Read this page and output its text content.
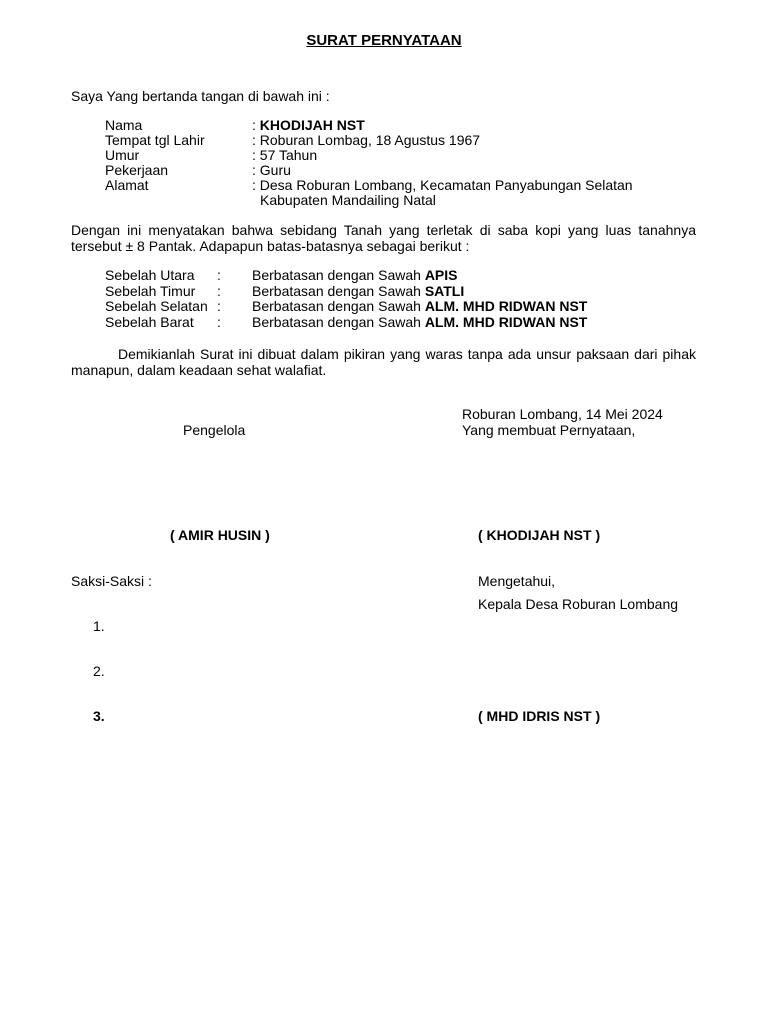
SURAT PERNYATAAN
Saya Yang bertanda tangan di bawah ini :
Nama	: KHODIJAH NST
Tempat tgl Lahir	: Roburan Lombag, 18 Agustus 1967
Umur	: 57 Tahun
Pekerjaan	: Guru
Alamat	: Desa Roburan Lombang, Kecamatan Panyabungan Selatan
Kabupaten Mandailing Natal
Dengan ini menyatakan bahwa sebidang Tanah yang terletak di saba kopi yang luas tanahnya tersebut ± 8 Pantak. Adapapun batas-batasnya sebagai berikut :
Sebelah Utara : Berbatasan dengan Sawah APIS
Sebelah Timur : Berbatasan dengan Sawah SATLI
Sebelah Selatan : Berbatasan dengan Sawah ALM. MHD RIDWAN NST
Sebelah Barat : Berbatasan dengan Sawah ALM. MHD RIDWAN NST
Demikianlah Surat ini dibuat dalam pikiran yang waras tanpa ada unsur paksaan dari pihak manapun, dalam keadaan sehat walafiat.
Roburan Lombang, 14 Mei 2024
Pengelola	Yang membuat Pernyataan,
( AMIR HUSIN )	( KHODIJAH NST )
Saksi-Saksi :	Mengetahui,
Kepala Desa Roburan Lombang
1.
2.
3.	( MHD IDRIS NST )
